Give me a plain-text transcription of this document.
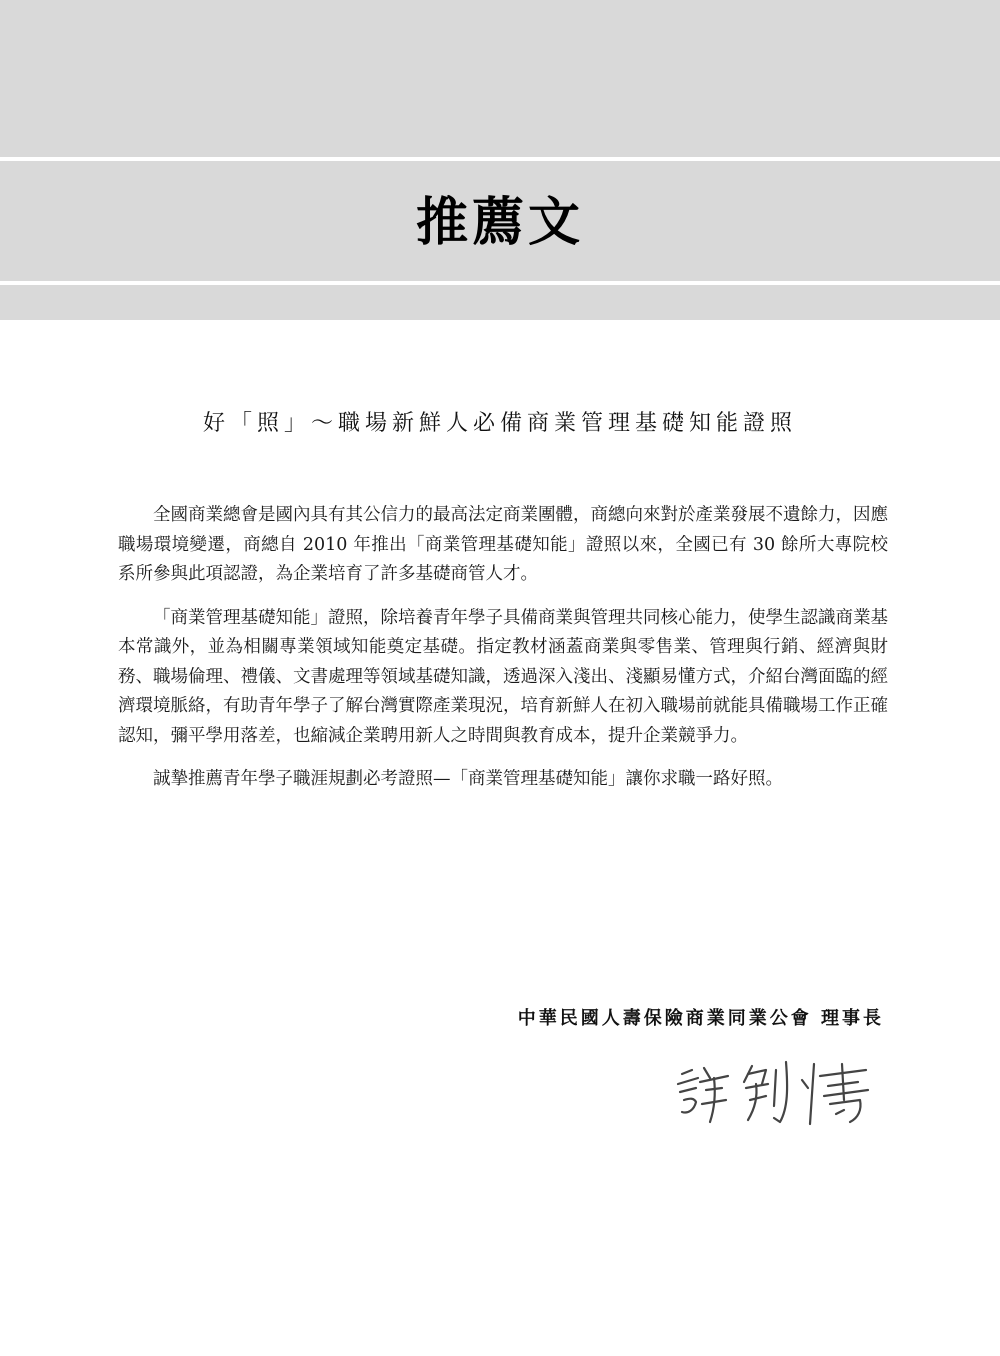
推薦文
好「照」～職場新鮮人必備商業管理基礎知能證照

全國商業總會是國內具有其公信力的最高法定商業團體，商總向來對於產業發展不遺餘力，因應職場環境變遷，商總自 2010 年推出「商業管理基礎知能」證照以來，全國已有 30 餘所大專院校系所參與此項認證，為企業培育了許多基礎商管人才。

「商業管理基礎知能」證照，除培養青年學子具備商業與管理共同核心能力，使學生認識商業基本常識外，並為相關專業領域知能奠定基礎。指定教材涵蓋商業與零售業、管理與行銷、經濟與財務、職場倫理、禮儀、文書處理等領域基礎知識，透過深入淺出、淺顯易懂方式，介紹台灣面臨的經濟環境脈絡，有助青年學子了解台灣實際產業現況，培育新鮮人在初入職場前就能具備職場工作正確認知，彌平學用落差，也縮減企業聘用新人之時間與教育成本，提升企業競爭力。

誠摯推薦青年學子職涯規劃必考證照—「商業管理基礎知能」讓你求職一路好照。

中華民國人壽保險商業同業公會 理事長
